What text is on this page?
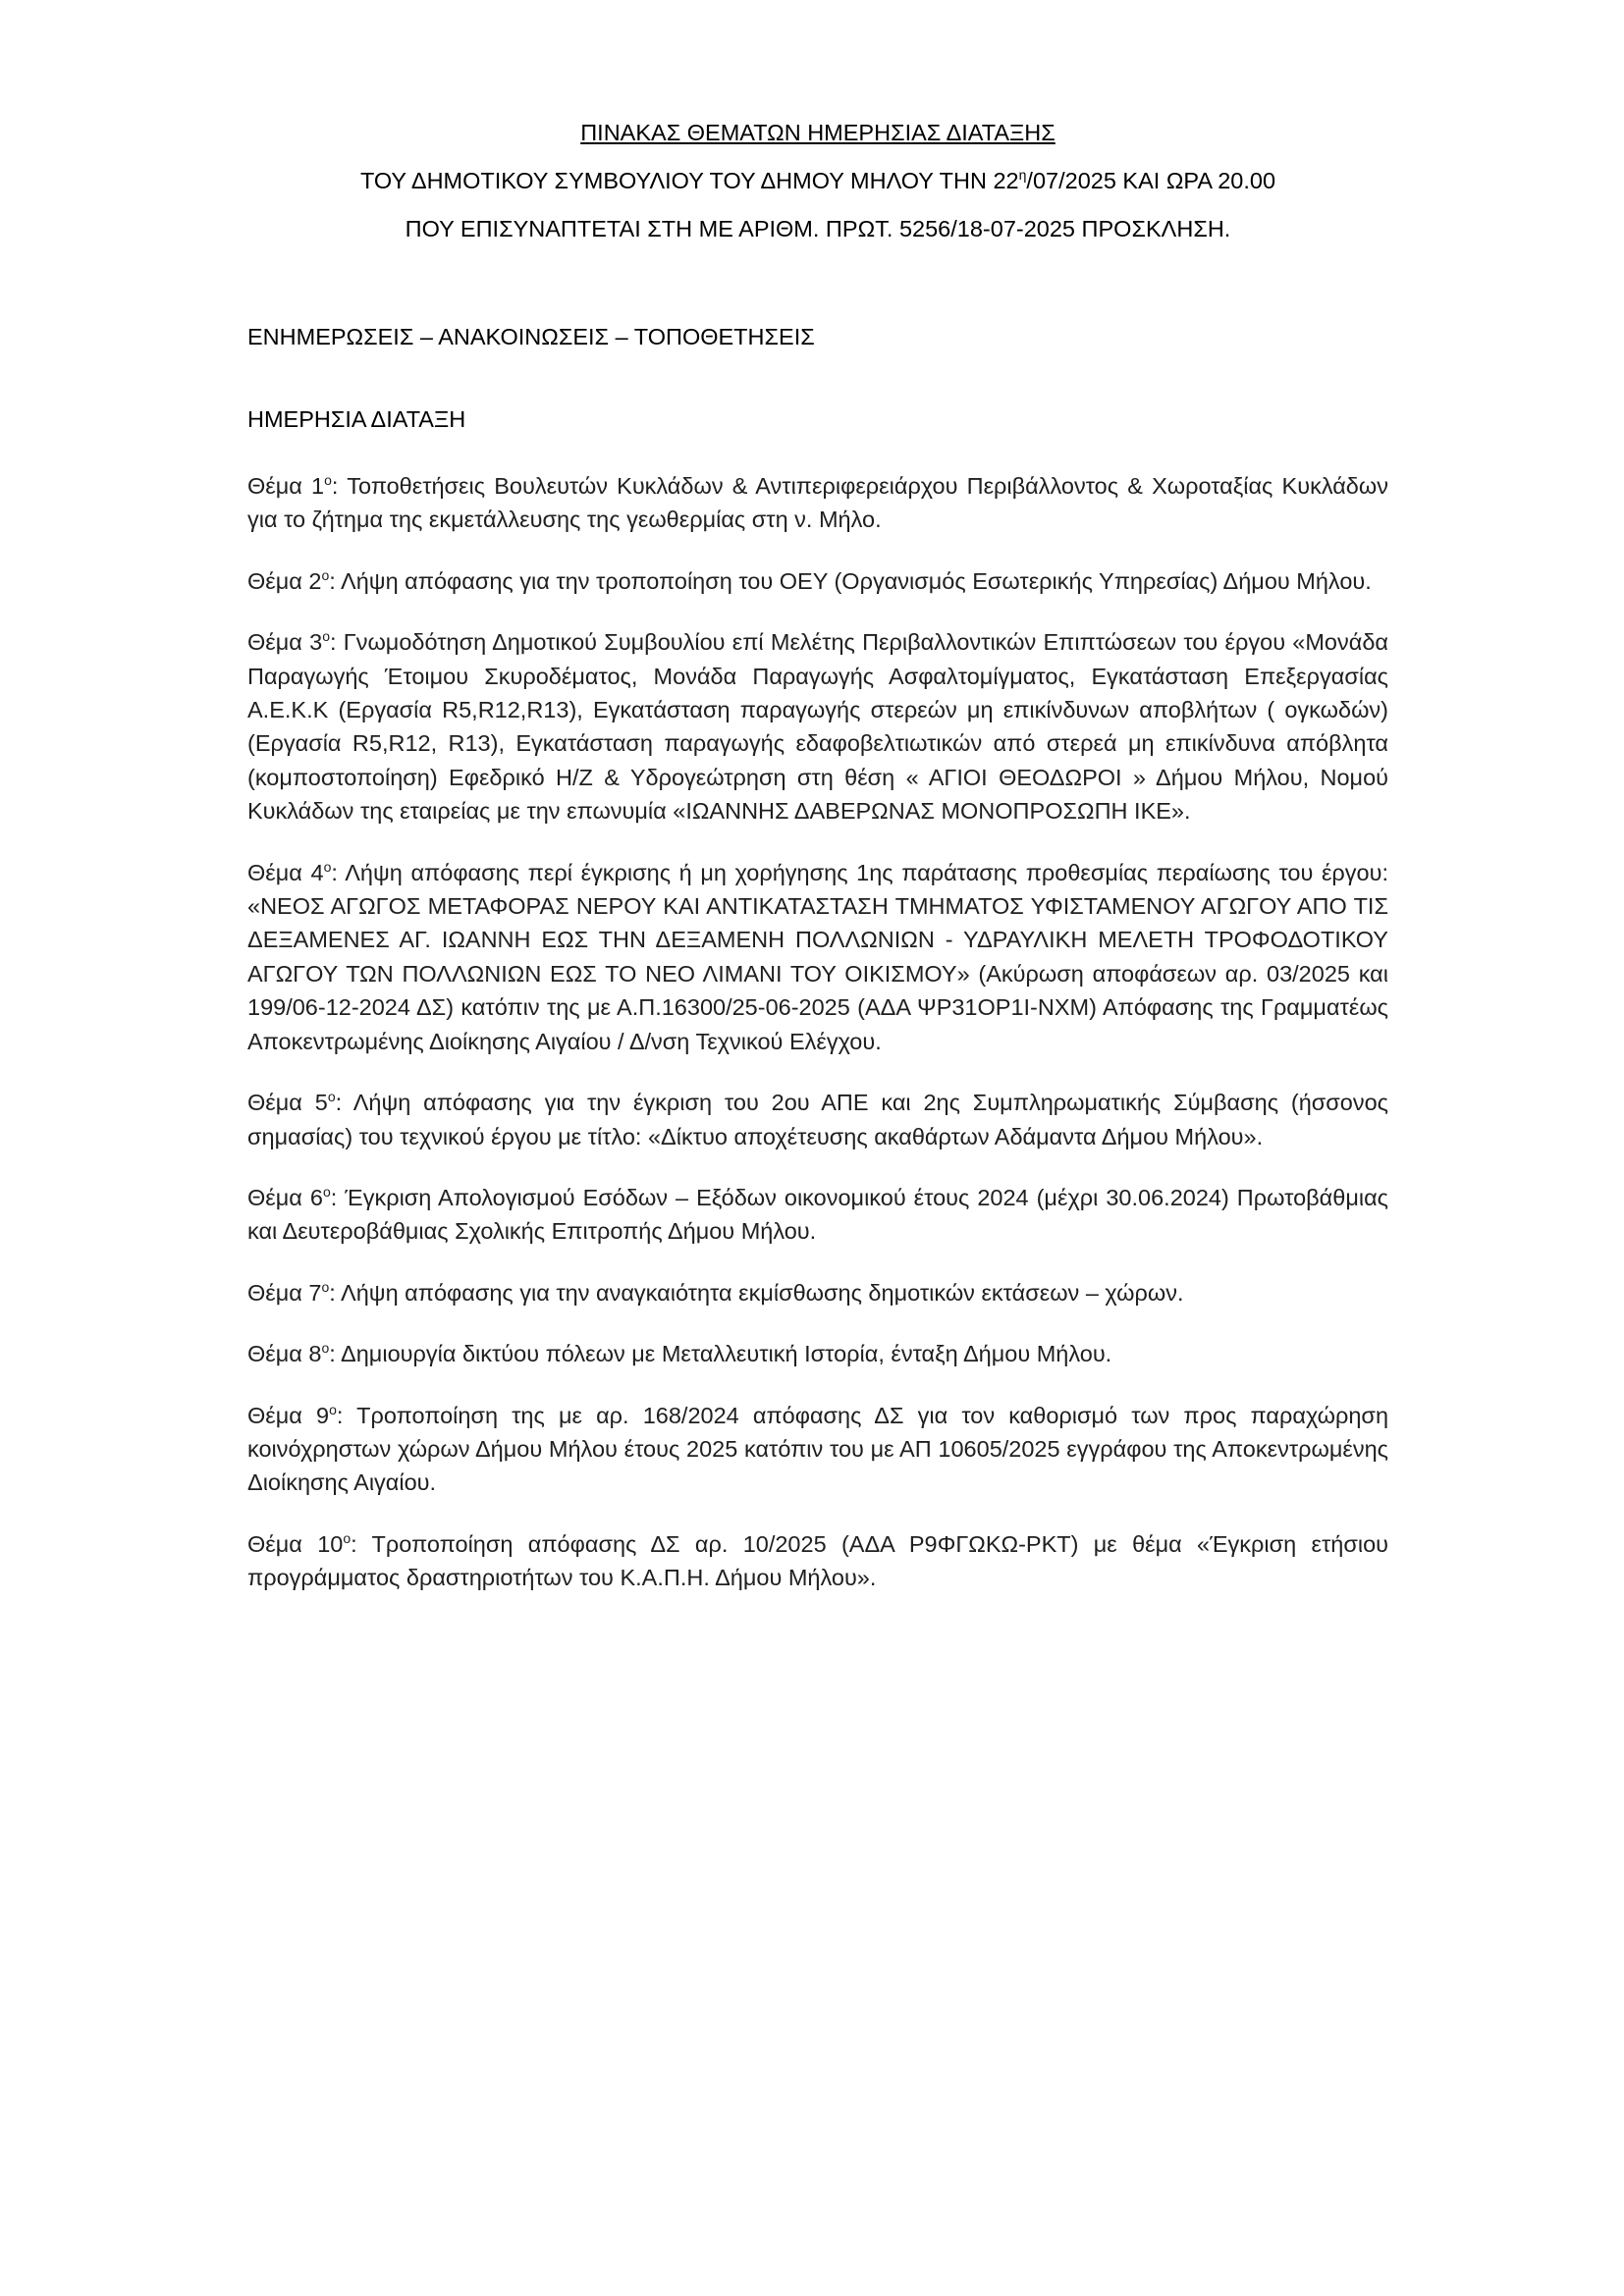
ΠΙΝΑΚΑΣ ΘΕΜΑΤΩΝ ΗΜΕΡΗΣΙΑΣ ΔΙΑΤΑΞΗΣ

ΤΟΥ ΔΗΜΟΤΙΚΟΥ ΣΥΜΒΟΥΛΙΟΥ ΤΟΥ ΔΗΜΟΥ ΜΗΛΟΥ ΤΗΝ $22^\eta/07/2025$ ΚΑΙ ΩΡΑ 20.00

ΠΟΥ ΕΠΙΣΥΝΑΠΤΕΤΑΙ ΣΤΗ ΜΕ ΑΡΙΘΜ. ΠΡΩΤ. 5256/18-07-2025 ΠΡΟΣΚΛΗΣΗ.

ΕΝΗΜΕΡΩΣΕΙΣ – ΑΝΑΚΟΙΝΩΣΕΙΣ – ΤΟΠΟΘΕΤΗΣΕΙΣ

ΗΜΕΡΗΣΙΑ ΔΙΑΤΑΞΗ

Θέμα $1^o$: Τοποθετήσεις Βουλευτών Κυκλάδων & Αντιπεριφερειάρχου Περιβάλλοντος & Χωροταξίας Κυκλάδων για το ζήτημα της εκμετάλλευσης της γεωθερμίας στη ν. Μήλο.

Θέμα $2^o$: Λήψη απόφασης για την τροποποίηση του ΟΕΥ (Οργανισμός Εσωτερικής Υπηρεσίας) Δήμου Μήλου.

Θέμα $3^o$: Γνωμοδότηση Δημοτικού Συμβουλίου επί Μελέτης Περιβαλλοντικών Επιπτώσεων του έργου «Μονάδα Παραγωγής Έτοιμου Σκυροδέματος, Μονάδα Παραγωγής Ασφαλτομίγματος, Εγκατάσταση Επεξεργασίας Α.Ε.Κ.Κ (Εργασία R5,R12,R13), Εγκατάσταση παραγωγής στερεών μη επικίνδυνων αποβλήτων ( ογκωδών) (Εργασία R5,R12, R13), Εγκατάσταση παραγωγής εδαφοβελτιωτικών από στερεά μη επικίνδυνα απόβλητα (κομποστοποίηση) Εφεδρικό Η/Ζ & Υδρογεώτρηση στη θέση « ΑΓΙΟΙ ΘΕΟΔΩΡΟΙ » Δήμου Μήλου, Νομού Κυκλάδων της εταιρείας με την επωνυμία «ΙΩΑΝΝΗΣ ΔΑΒΕΡΩΝΑΣ ΜΟΝΟΠΡΟΣΩΠΗ ΙΚΕ».

Θέμα $4^o$: Λήψη απόφασης περί έγκρισης ή μη χορήγησης 1ης παράτασης προθεσμίας περαίωσης του έργου: «ΝΕΟΣ ΑΓΩΓΟΣ ΜΕΤΑΦΟΡΑΣ ΝΕΡΟΥ ΚΑΙ ΑΝΤΙΚΑΤΑΣΤΑΣΗ ΤΜΗΜΑΤΟΣ ΥΦΙΣΤΑΜΕΝΟΥ ΑΓΩΓΟΥ ΑΠΟ ΤΙΣ ΔΕΞΑΜΕΝΕΣ ΑΓ. ΙΩΑΝΝΗ ΕΩΣ ΤΗΝ ΔΕΞΑΜΕΝΗ ΠΟΛΛΩΝΙΩΝ - ΥΔΡΑΥΛΙΚΗ ΜΕΛΕΤΗ ΤΡΟΦΟΔΟΤΙΚΟΥ ΑΓΩΓΟΥ ΤΩΝ ΠΟΛΛΩΝΙΩΝ ΕΩΣ ΤΟ ΝΕΟ ΛΙΜΑΝΙ ΤΟΥ ΟΙΚΙΣΜΟΥ» (Ακύρωση αποφάσεων αρ. 03/2025 και 199/06-12-2024 ΔΣ) κατόπιν της με Α.Π.16300/25-06-2025 (ΑΔΑ ΨΡ31ΟΡ1Ι-ΝΧΜ) Απόφασης της Γραμματέως Αποκεντρωμένης Διοίκησης Αιγαίου / Δ/νση Τεχνικού Ελέγχου.

Θέμα $5^o$: Λήψη απόφασης για την έγκριση του 2ου ΑΠΕ και 2ης Συμπληρωματικής Σύμβασης (ήσσονος σημασίας) του τεχνικού έργου με τίτλο: «Δίκτυο αποχέτευσης ακαθάρτων Αδάμαντα Δήμου Μήλου».

Θέμα $6^o$: Έγκριση Απολογισμού Εσόδων – Εξόδων οικονομικού έτους 2024 (μέχρι 30.06.2024) Πρωτοβάθμιας και Δευτεροβάθμιας Σχολικής Επιτροπής Δήμου Μήλου.

Θέμα $7^o$: Λήψη απόφασης για την αναγκαιότητα εκμίσθωσης δημοτικών εκτάσεων – χώρων.

Θέμα $8^o$: Δημιουργία δικτύου πόλεων με Μεταλλευτική Ιστορία, ένταξη Δήμου Μήλου.

Θέμα $9^o$: Τροποποίηση της με αρ. 168/2024 απόφασης ΔΣ για τον καθορισμό των προς παραχώρηση κοινόχρηστων χώρων Δήμου Μήλου έτους 2025 κατόπιν του με ΑΠ 10605/2025 εγγράφου της Αποκεντρωμένης Διοίκησης Αιγαίου.

Θέμα $10^o$: Τροποποίηση απόφασης ΔΣ αρ. 10/2025 (ΑΔΑ Ρ9ΦΓΩΚΩ-ΡΚΤ) με θέμα «Έγκριση ετήσιου προγράμματος δραστηριοτήτων του Κ.Α.Π.Η. Δήμου Μήλου».
